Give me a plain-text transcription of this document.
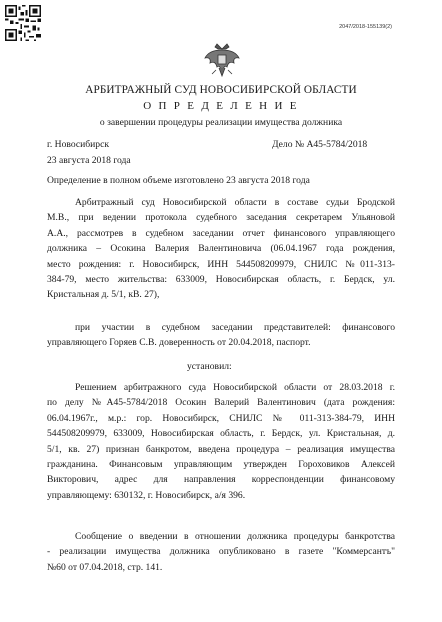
2047/2018-155139(2)
АРБИТРАЖНЫЙ СУД НОВОСИБИРСКОЙ ОБЛАСТИ
О П Р Е Д Е Л Е Н И Е
о завершении процедуры реализации имущества должника
г. Новосибирск	Дело № А45-5784/2018
23 августа 2018 года
Определение в полном объеме изготовлено 23 августа 2018 года
Арбитражный суд Новосибирской области в составе судьи Бродской
М.В., при ведении протокола судебного заседания секретарем Ульяновой
А.А., рассмотрев в судебном заседании отчет финансового управляющего
должника – Осокина Валерия Валентиновича (06.04.1967 года рождения,
место рождения: г. Новосибирск, ИНН 544508209979, СНИЛС №011-313-
384-79, место жительства: 633009, Новосибирская область, г. Бердск, ул.
Кристальная д. 5/1, кВ. 27),
при участии в судебном заседании представителей: финансового
управляющего Горяев С.В. доверенность от 20.04.2018, паспорт.
установил:
Решением арбитражного суда Новосибирской области от 28.03.2018 г.
по делу №А45-5784/2018 Осокин Валерий Валентинович (дата рождения:
06.04.1967г., м.р.: гор. Новосибирск, СНИЛС № 011-313-384-79, ИНН
544508209979, 633009, Новосибирская область, г. Бердск, ул. Кристальная, д.
5/1, кв. 27) признан банкротом, введена процедура – реализация имущества
гражданина. Финансовым управляющим утвержден Гороховиков Алексей
Викторович, адрес для направления корреспонденции финансовому
управляющему: 630132, г. Новосибирск, а/я 396.
Сообщение о введении в отношении должника процедуры банкротства
- реализации имущества должника опубликовано в газете "Коммерсантъ"
№60 от 07.04.2018, стр. 141.
